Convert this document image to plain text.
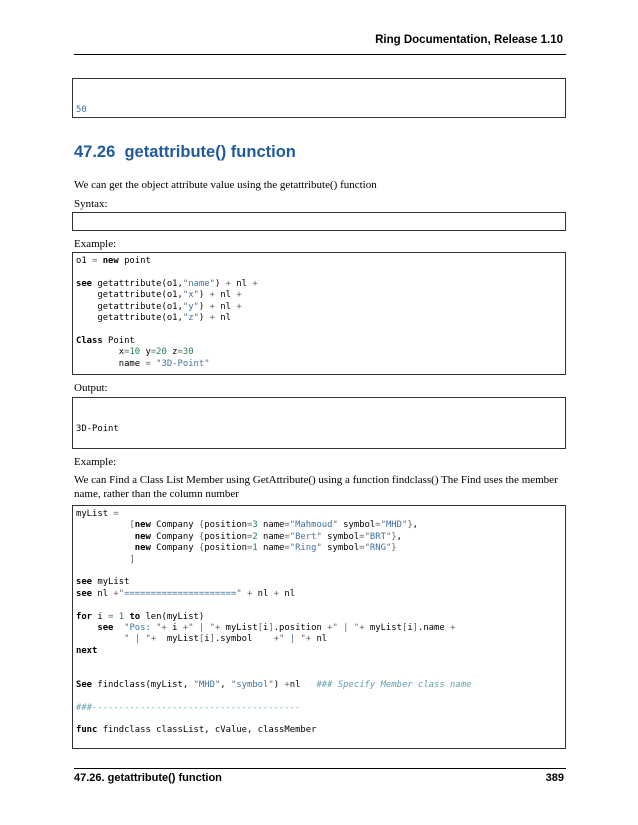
Ring Documentation, Release 1.10

50

47.26 getattribute() function
We can get the object attribute value using the getattribute() function
Syntax:

Example:
o1 = new point

see getattribute(o1,"name") + nl +
getattribute(o1,"x") + nl +
getattribute(o1,"y") + nl +
getattribute(o1,"z") + nl

Class Point
x=10 y=20 z=30
name = "3D-Point"
Output:

3D-Point

Example:
We can Find a Class List Member using GetAttribute() using a function findclass() The Find uses the member name, rather than the column number
myList =
[new Company {position=3 name="Mahmoud" symbol="MHD"},
new Company {position=2 name="Bert" symbol="BRT"},
new Company {position=1 name="Ring" symbol="RNG"}
]

see myList
see nl +"=====================" + nl + nl

for i = 1 to len(myList)
see "Pos: "+ i +" | "+ myList[i].position +" | "+ myList[i].name +
" | "+  myList[i].symbol    +" | "+ nl
next

See findclass(myList, "MHD", "symbol") +nl   ### Specify Member class name

###---------------------------------------

func findclass classList, cValue, classMember
47.26. getattribute() function	389
